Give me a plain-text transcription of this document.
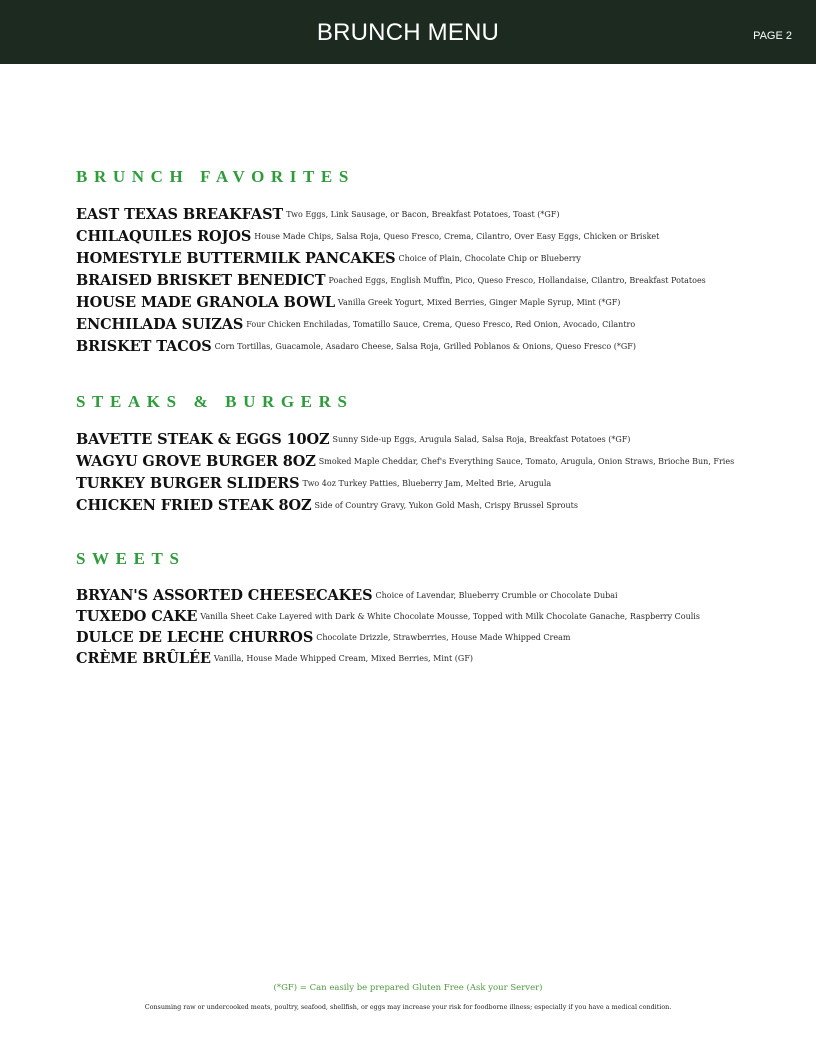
BRUNCH MENU	PAGE 2
BRUNCH FAVORITES
EAST TEXAS BREAKFAST Two Eggs, Link Sausage, or Bacon, Breakfast Potatoes, Toast (*GF)
CHILAQUILES ROJOS House Made Chips, Salsa Roja, Queso Fresco, Crema, Cilantro, Over Easy Eggs, Chicken or Brisket
HOMESTYLE BUTTERMILK PANCAKES Choice of Plain, Chocolate Chip or Blueberry
BRAISED BRISKET BENEDICT Poached Eggs, English Muffin, Pico, Queso Fresco, Hollandaise, Cilantro, Breakfast Potatoes
HOUSE MADE GRANOLA BOWL Vanilla Greek Yogurt, Mixed Berries, Ginger Maple Syrup, Mint (*GF)
ENCHILADA SUIZAS Four Chicken Enchiladas, Tomatillo Sauce, Crema, Queso Fresco, Red Onion, Avocado, Cilantro
BRISKET TACOS Corn Tortillas, Guacamole, Asadaro Cheese, Salsa Roja, Grilled Poblanos & Onions, Queso Fresco (*GF)
STEAKS & BURGERS
BAVETTE STEAK & EGGS 10OZ Sunny Side-up Eggs, Arugula Salad, Salsa Roja, Breakfast Potatoes (*GF)
WAGYU GROVE BURGER 8OZ Smoked Maple Cheddar, Chef's Everything Sauce, Tomato, Arugula, Onion Straws, Brioche Bun, Fries
TURKEY BURGER SLIDERS Two 4oz Turkey Patties, Blueberry Jam, Melted Brie, Arugula
CHICKEN FRIED STEAK 8OZ Side of Country Gravy, Yukon Gold Mash, Crispy Brussel Sprouts
SWEETS
BRYAN'S ASSORTED CHEESECAKES Choice of Lavendar, Blueberry Crumble or Chocolate Dubai
TUXEDO CAKE Vanilla Sheet Cake Layered with Dark & White Chocolate Mousse, Topped with Milk Chocolate Ganache, Raspberry Coulis
DULCE DE LECHE CHURROS Chocolate Drizzle, Strawberries, House Made Whipped Cream
CRÈME BRÛLÉE Vanilla, House Made Whipped Cream, Mixed Berries, Mint (GF)
(*GF) = Can easily be prepared Gluten Free (Ask your Server)
Consuming raw or undercooked meats, poultry, seafood, shellfish, or eggs may increase your risk for foodborne illness; especially if you have a medical condition.
